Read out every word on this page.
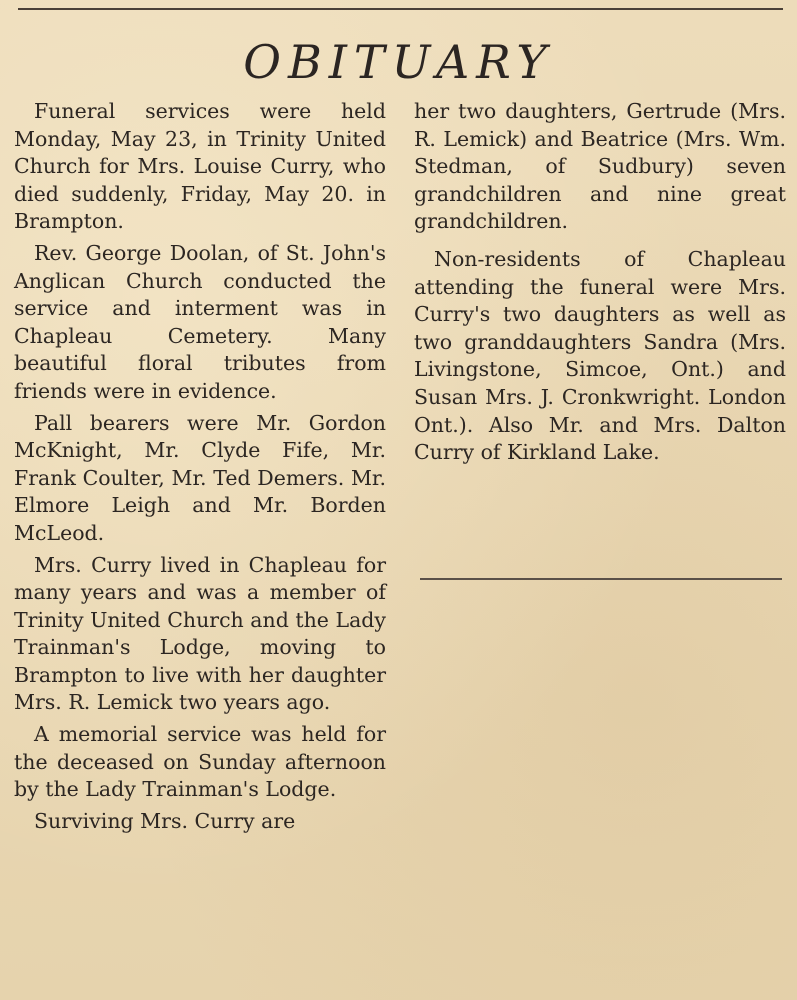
OBITUARY

Funeral services were held Monday, May 23, in Trinity United Church for Mrs. Louise Curry, who died suddenly, Friday, May 20. in Brampton.

Rev. George Doolan, of St. John's Anglican Church conducted the service and interment was in Chapleau Cemetery. Many beautiful floral tributes from friends were in evidence.

Pall bearers were Mr. Gordon McKnight, Mr. Clyde Fife, Mr. Frank Coulter, Mr. Ted Demers. Mr. Elmore Leigh and Mr. Borden McLeod.

Mrs. Curry lived in Chapleau for many years and was a member of Trinity United Church and the Lady Trainman's Lodge, moving to Brampton to live with her daughter Mrs. R. Lemick two years ago.

A memorial service was held for the deceased on Sunday afternoon by the Lady Trainman's Lodge.

Surviving Mrs. Curry are

her two daughters, Gertrude (Mrs. R. Lemick) and Beatrice (Mrs. Wm. Stedman, of Sudbury) seven grandchildren and nine great grandchildren.

Non-residents of Chapleau attending the funeral were Mrs. Curry's two daughters as well as two granddaughters Sandra (Mrs. Livingstone, Simcoe, Ont.) and Susan Mrs. J. Cronkwright. London Ont.). Also Mr. and Mrs. Dalton Curry of Kirkland Lake.
